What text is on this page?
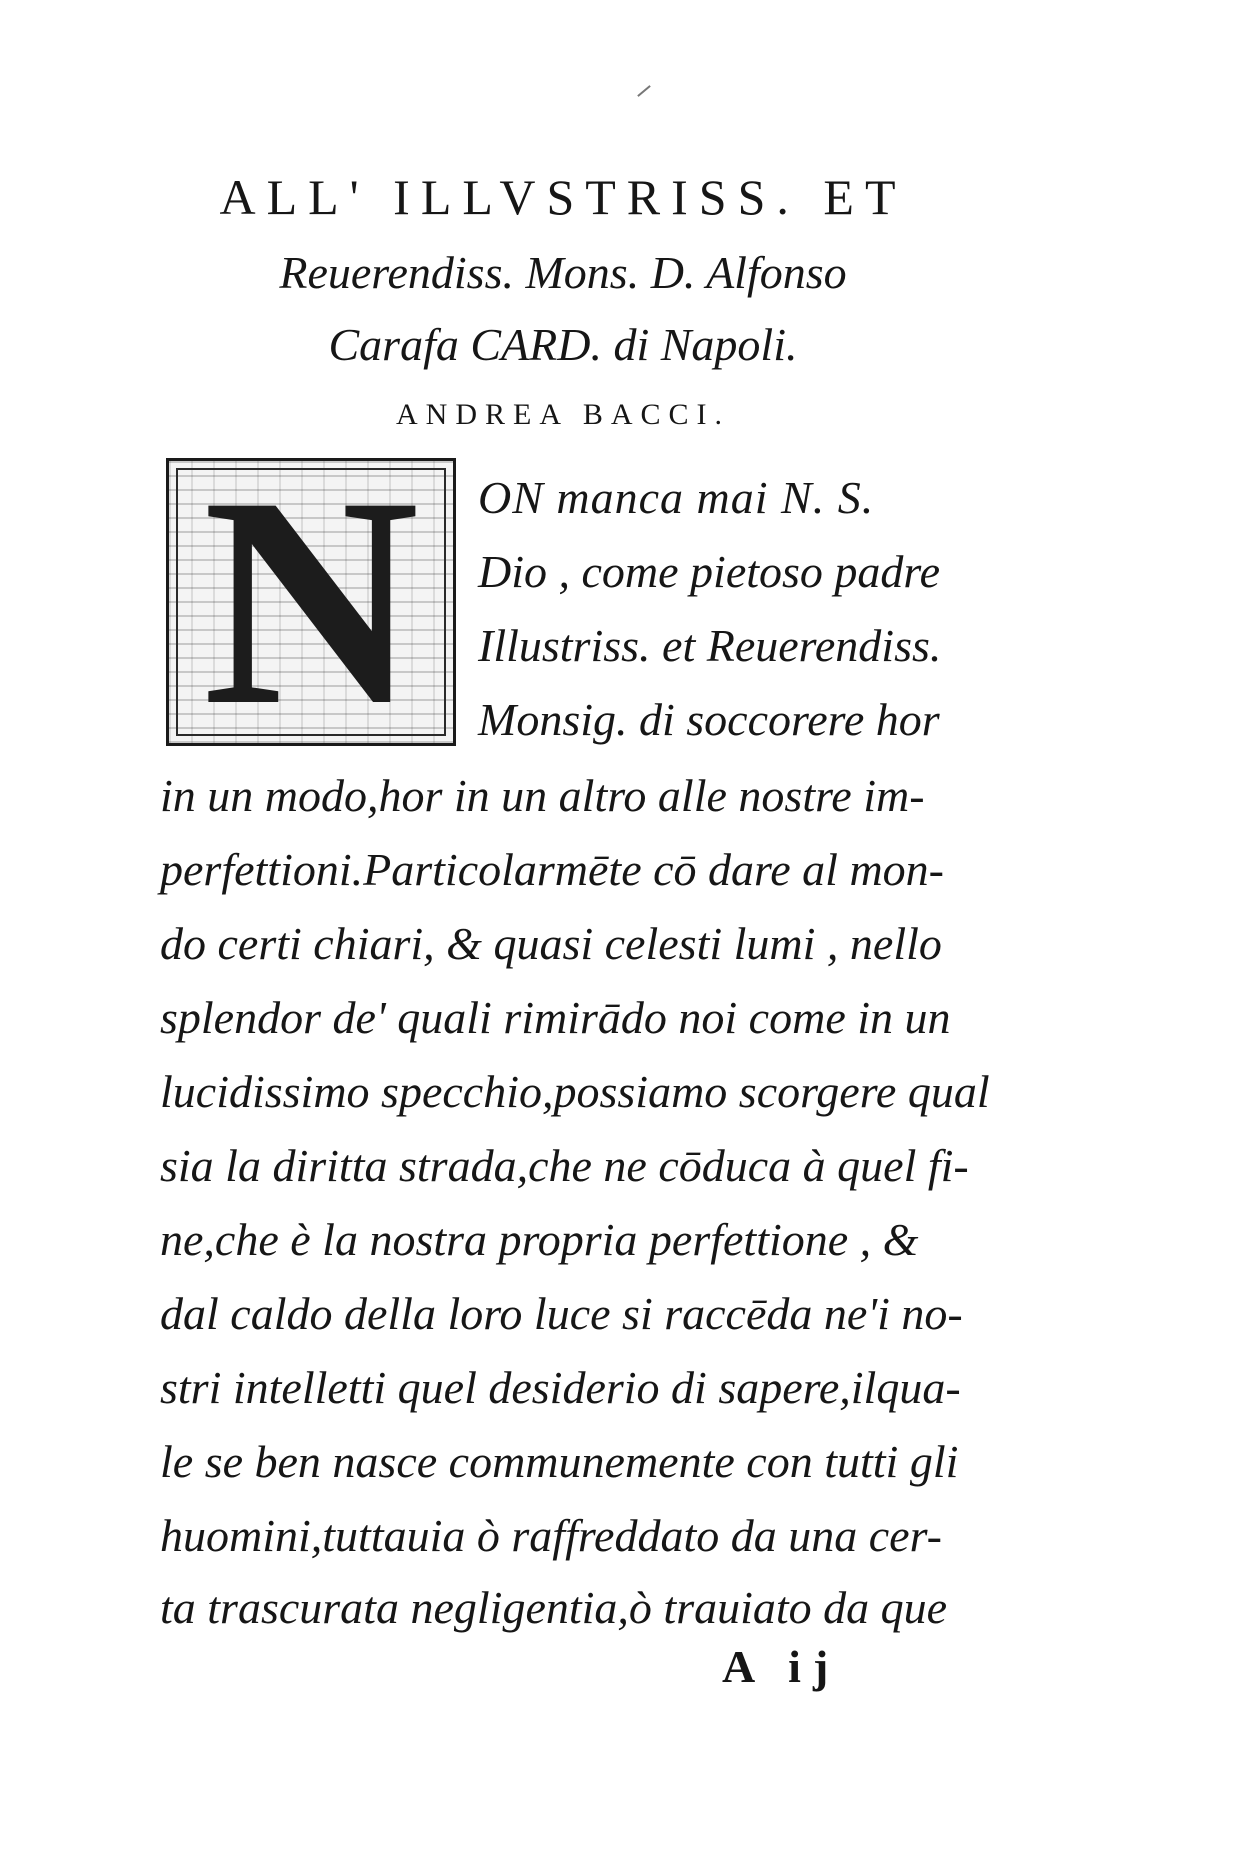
ALL' ILLVSTRISS. ET
Reuerendiss. Mons. D. Alfonso
Carafa CARD. di Napoli.
ANDREA BACCI.
N	ON manca mai N. S.
Dio , come pietoso padre
Illustriss. et Reuerendiss.
Monsig. di soccorere hor
in un modo,hor in un altro alle nostre im-
perfettioni.Particolarmēte cō dare al mon-
do certi chiari, & quasi celesti lumi , nello
splendor de' quali rimirādo noi come in un
lucidissimo specchio,possiamo scorgere qual
sia la diritta strada,che ne cōduca à quel fi-
ne,che è la nostra propria perfettione , &
dal caldo della loro luce si raccēda ne'i no-
stri intelletti quel desiderio di sapere,ilqua-
le se ben nasce communemente con tutti gli
huomini,tuttauia ò raffreddato da una cer-
ta trascurata negligentia,ò trauiato da que
A ij
